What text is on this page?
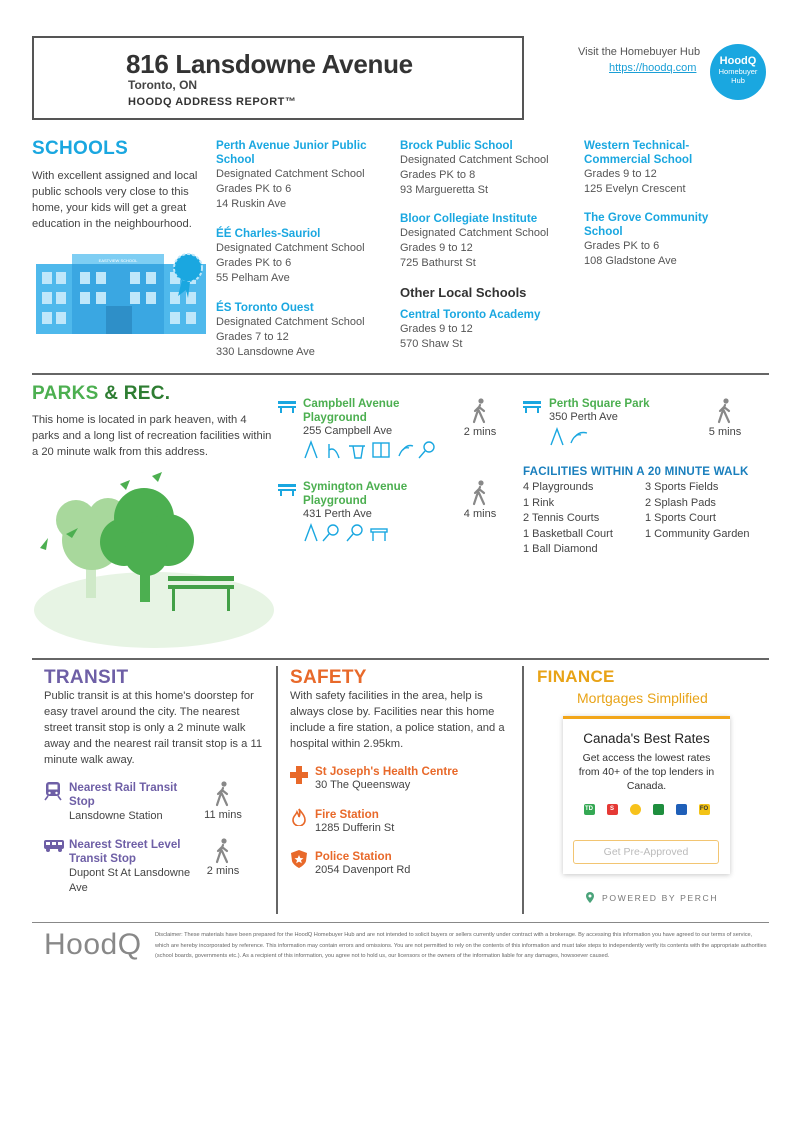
816 Lansdowne Avenue
Toronto, ON
HOODQ ADDRESS REPORT™
Visit the Homebuyer Hub
https://hoodq.com
HoodQ
Homebuyer
Hub
SCHOOLS
With excellent assigned and local public schools very close to this home, your kids will get a great education in the neighbourhood.
EASTVIEW SCHOOL
Perth Avenue Junior Public School
Designated Catchment School
Grades PK to 6
14 Ruskin Ave
ÉÉ Charles-Sauriol
Designated Catchment School
Grades PK to 6
55 Pelham Ave
ÉS Toronto Ouest
Designated Catchment School
Grades 7 to 12
330 Lansdowne Ave
Brock Public School
Designated Catchment School
Grades PK to 8
93 Margueretta St
Bloor Collegiate Institute
Designated Catchment School
Grades 9 to 12
725 Bathurst St
Other Local Schools
Central Toronto Academy
Grades 9 to 12
570 Shaw St
Western Technical-Commercial School
Grades 9 to 12
125 Evelyn Crescent
The Grove Community School
Grades PK to 6
108 Gladstone Ave
PARKS & REC.
This home is located in park heaven, with 4 parks and a long list of recreation facilities within a 20 minute walk from this address.
Campbell Avenue Playground
255 Campbell Ave	2 mins
Symington Avenue Playground
431 Perth Ave	4 mins
Perth Square Park
350 Perth Ave
5 mins
FACILITIES WITHIN A 20 MINUTE WALK
4 Playgrounds
1 Rink
2 Tennis Courts
1 Basketball Court
1 Ball Diamond
3 Sports Fields
2 Splash Pads
1 Sports Court
1 Community Garden
TRANSIT
Public transit is at this home's doorstep for easy travel around the city. The nearest street transit stop is only a 2 minute walk away and the nearest rail transit stop is a 11 minute walk away.
Nearest Rail Transit Stop
Lansdowne Station	11 mins
Nearest Street Level Transit Stop
Dupont St At Lansdowne Ave
2 mins
SAFETY
With safety facilities in the area, help is always close by. Facilities near this home include a fire station, a police station, and a hospital within 2.95km.
St Joseph's Health Centre
30 The Queensway
Fire Station
1285 Dufferin St
Police Station
2054 Davenport Rd
FINANCE
Mortgages Simplified
Canada's Best Rates
Get access the lowest rates from 40+ of the top lenders in Canada.
TD	S	FO
Get Pre-Approved
POWERED BY PERCH
HoodQ Disclaimer: These materials have been prepared for the HoodQ Homebuyer Hub and are not intended to solicit buyers or sellers currently under contract with a brokerage. By accessing this information you have agreed to our terms of service, which are hereby incorporated by reference. This information may contain errors and omissions. You are not permitted to rely on the contents of this information and must take steps to independently verify its contents with the appropriate authorities (school boards, governments etc.). As a recipient of this information, you agree not to hold us, our licensors or the owners of the information liable for any damages, howsoever caused.
